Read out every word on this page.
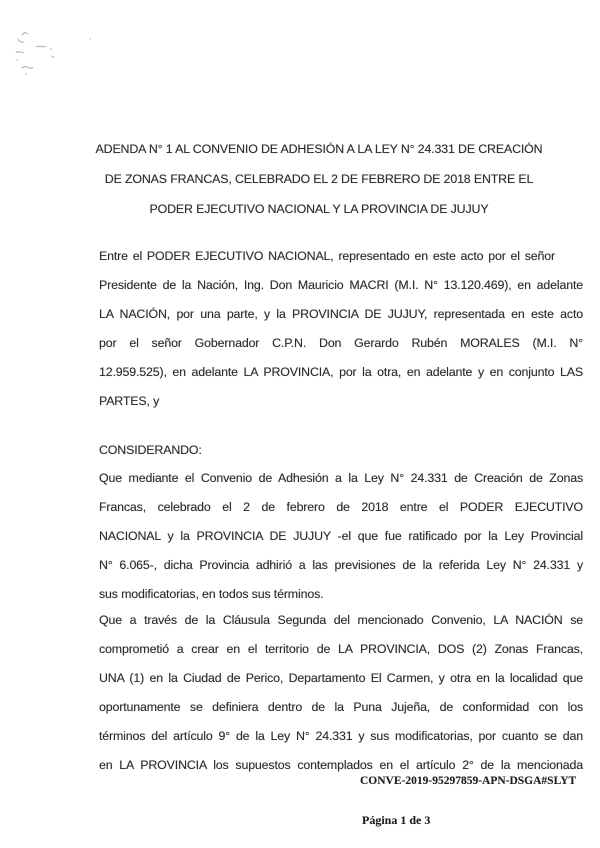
ADENDA N° 1 AL CONVENIO DE ADHESIÓN A LA LEY N° 24.331 DE CREACIÓN
DE ZONAS FRANCAS, CELEBRADO EL 2 DE FEBRERO DE 2018 ENTRE EL
PODER EJECUTIVO NACIONAL Y LA PROVINCIA DE JUJUY
Entre el PODER EJECUTIVO NACIONAL, representado en este acto por el señor
Presidente de la Nación, Ing. Don Mauricio MACRI (M.I. N° 13.120.469), en adelante
LA NACIÓN, por una parte, y la PROVINCIA DE JUJUY, representada en este acto
por el señor Gobernador C.P.N. Don Gerardo Rubén MORALES (M.I. N°
12.959.525), en adelante LA PROVINCIA, por la otra, en adelante y en conjunto LAS
PARTES, y
CONSIDERANDO:
Que mediante el Convenio de Adhesión a la Ley N° 24.331 de Creación de Zonas
Francas, celebrado el 2 de febrero de 2018 entre el PODER EJECUTIVO
NACIONAL y la PROVINCIA DE JUJUY -el que fue ratificado por la Ley Provincial
N° 6.065-, dicha Provincia adhirió a las previsiones de la referida Ley N° 24.331 y
sus modificatorias, en todos sus términos.
Que a través de la Cláusula Segunda del mencionado Convenio, LA NACIÓN se
comprometió a crear en el territorio de LA PROVINCIA, DOS (2) Zonas Francas,
UNA (1) en la Ciudad de Perico, Departamento El Carmen, y otra en la localidad que
oportunamente se definiera dentro de la Puna Jujeña, de conformidad con los
términos del artículo 9° de la Ley N° 24.331 y sus modificatorias, por cuanto se dan
en LA PROVINCIA los supuestos contemplados en el artículo 2° de la mencionada
CONVE-2019-95297859-APN-DSGA#SLYT
Página 1 de 3
